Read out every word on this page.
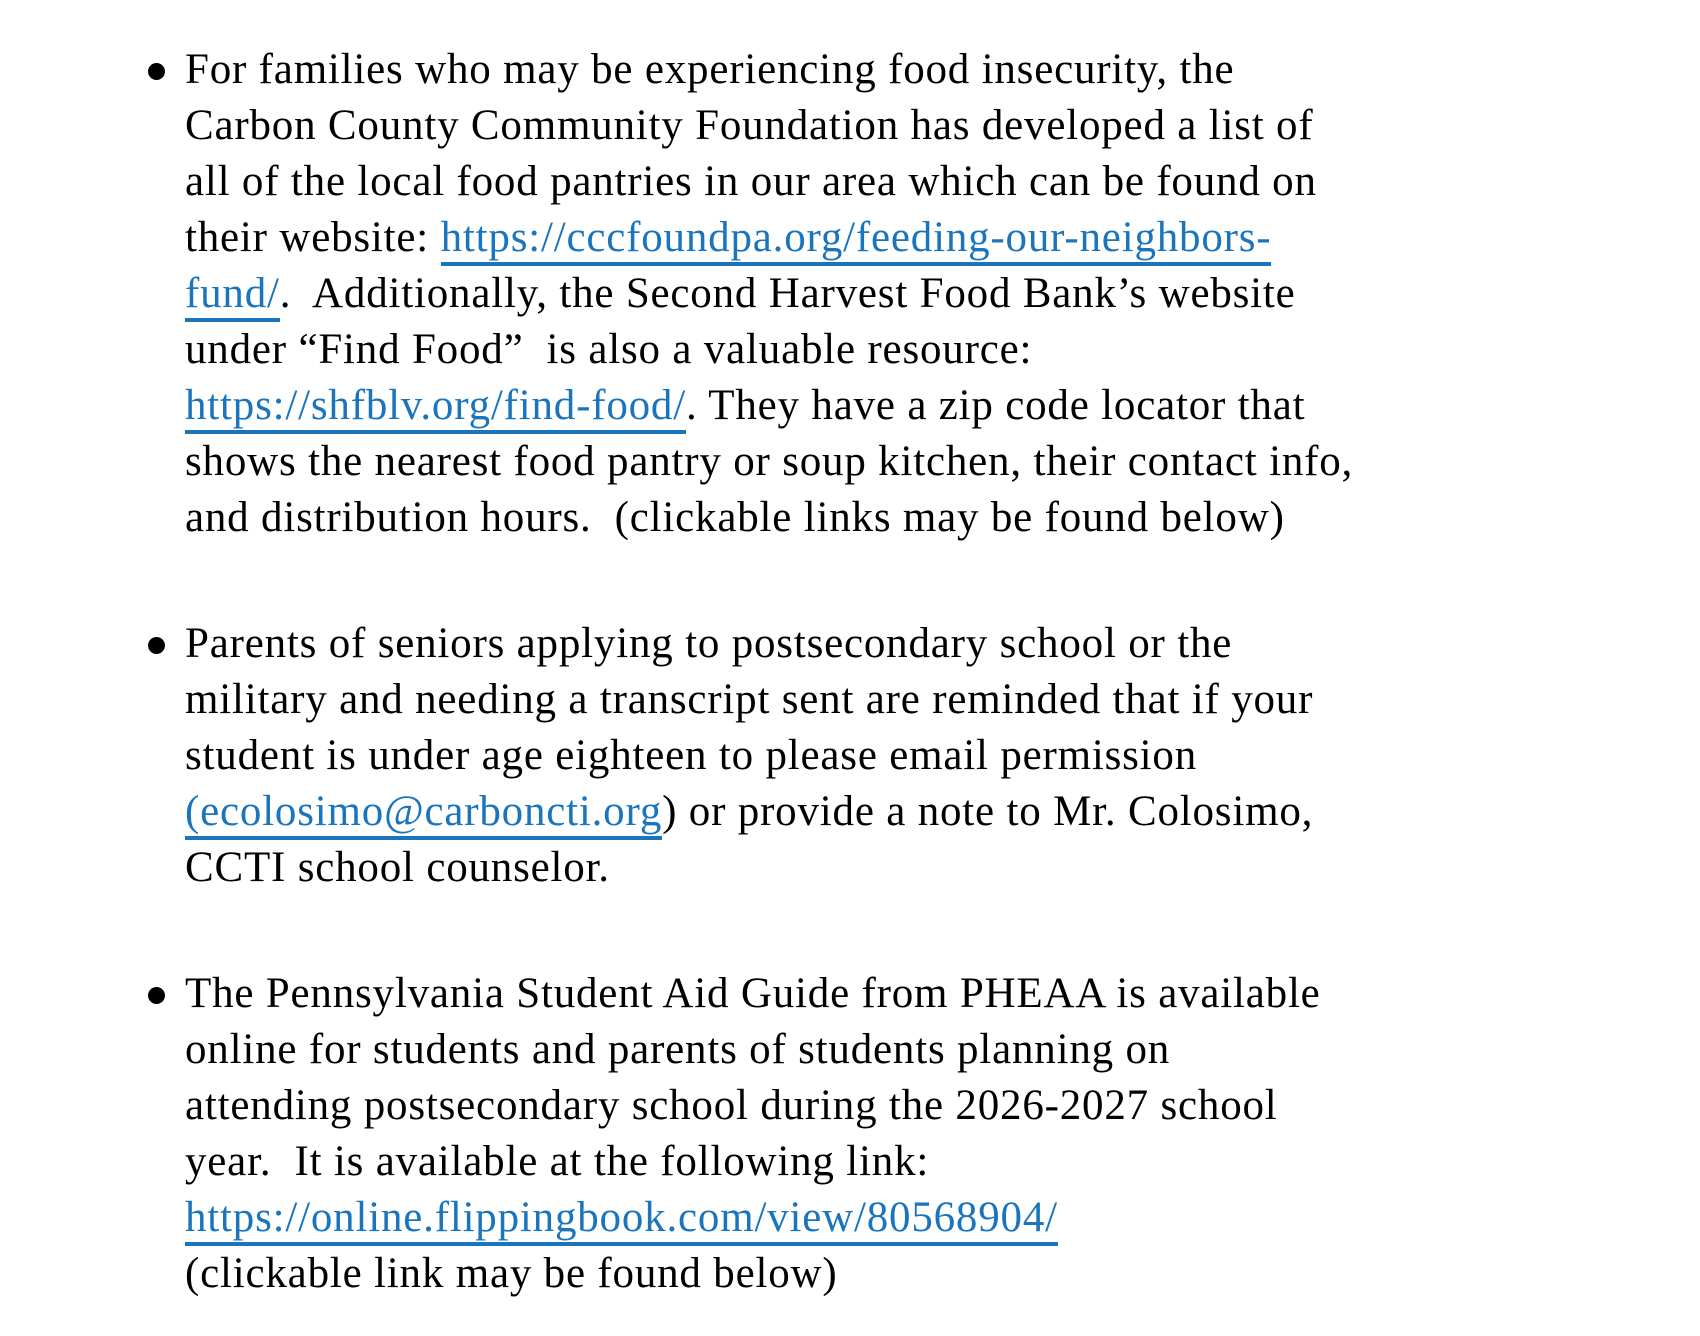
For families who may be experiencing food insecurity, the
Carbon County Community Foundation has developed a list of
all of the local food pantries in our area which can be found on
their website: https://cccfoundpa.org/feeding-our-neighbors-
fund/.  Additionally, the Second Harvest Food Bank’s website
under “Find Food”  is also a valuable resource:
https://shfblv.org/find-food/. They have a zip code locator that
shows the nearest food pantry or soup kitchen, their contact info,
and distribution hours.  (clickable links may be found below)
Parents of seniors applying to postsecondary school or the
military and needing a transcript sent are reminded that if your
student is under age eighteen to please email permission
(ecolosimo@carboncti.org) or provide a note to Mr. Colosimo,
CCTI school counselor.
The Pennsylvania Student Aid Guide from PHEAA is available
online for students and parents of students planning on
attending postsecondary school during the 2026-2027 school
year.  It is available at the following link:
https://online.flippingbook.com/view/80568904/
(clickable link may be found below)
